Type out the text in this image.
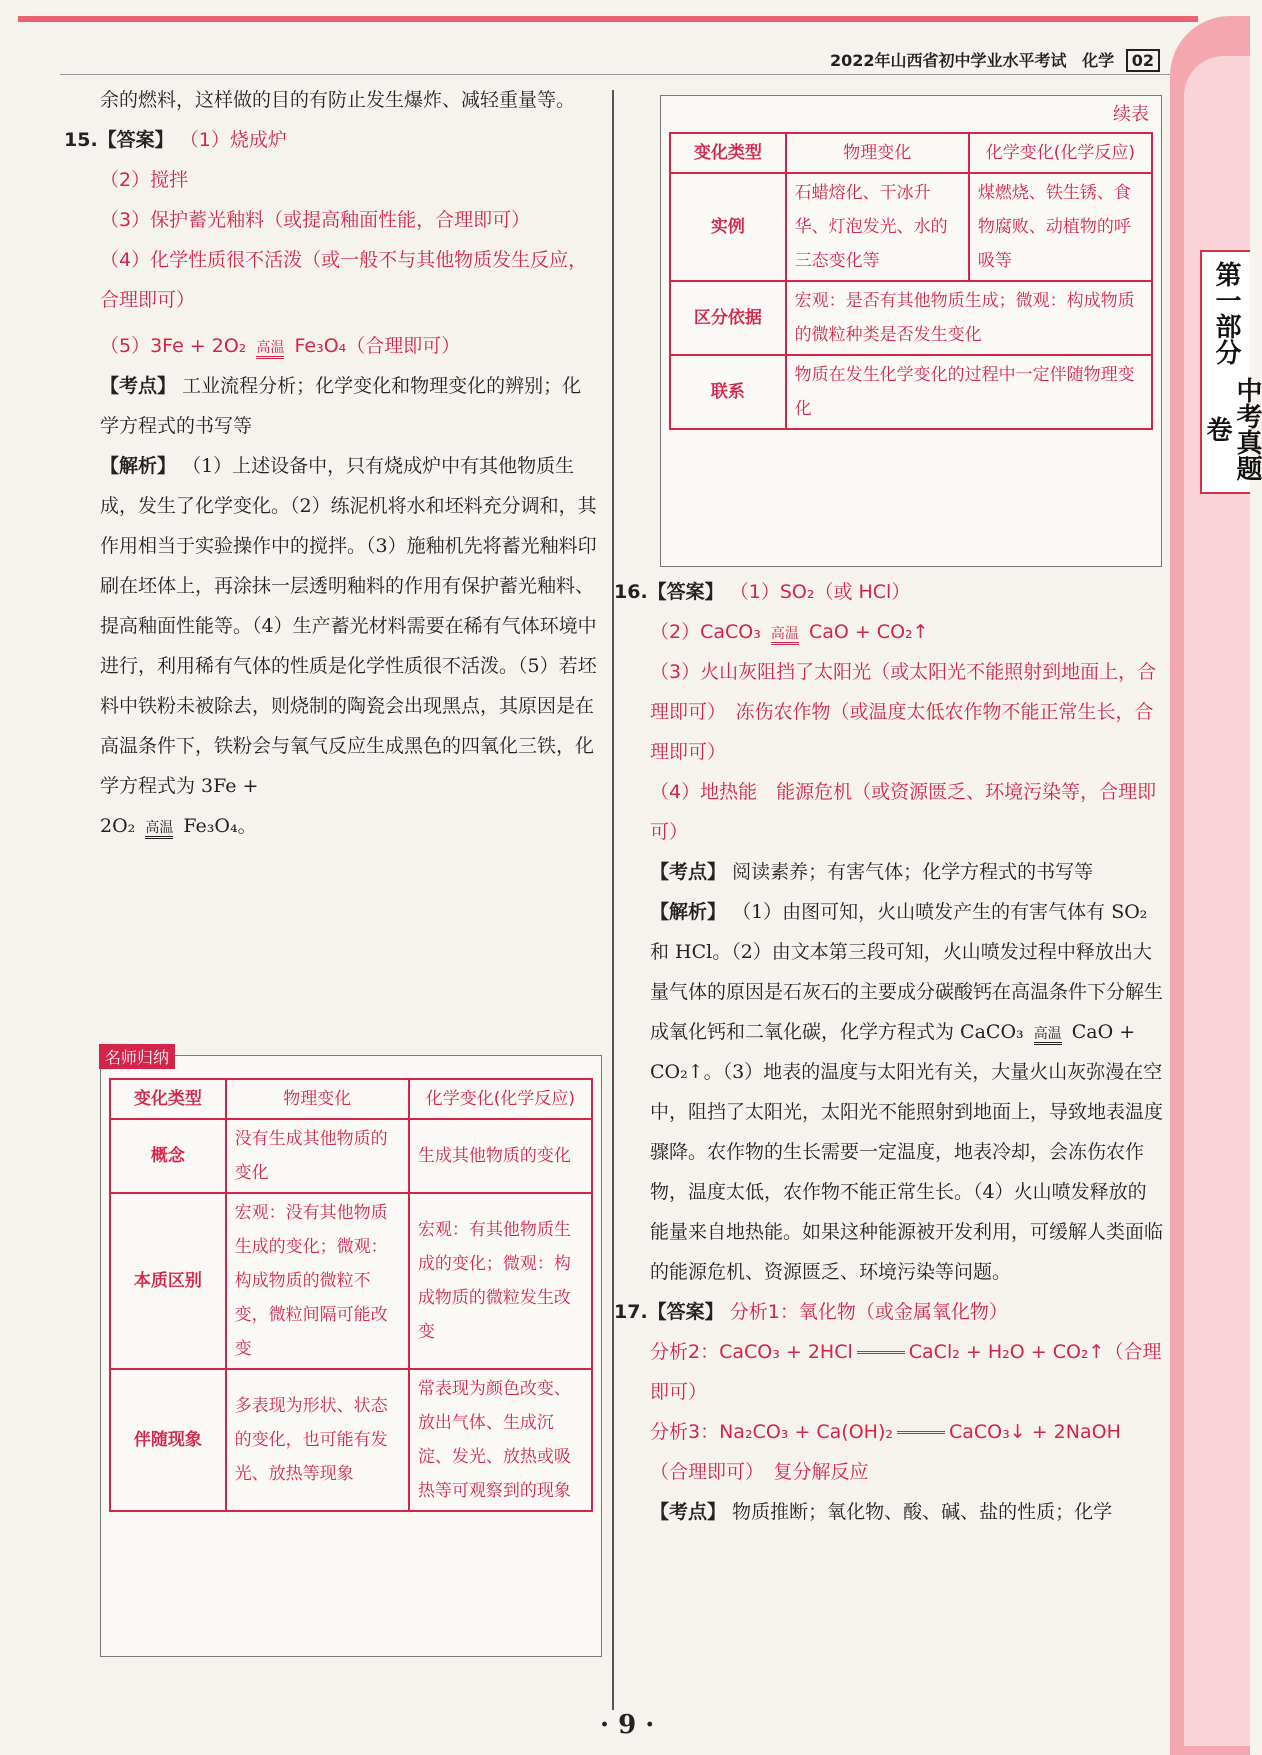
第一部分
中考真题卷
2022年山西省初中学业水平考试 化学 02

余的燃料，这样做的目的有防止发生爆炸、减轻重量等。

15.【答案】 （1）烧成炉

（2）搅拌

（3）保护蓄光釉料（或提高釉面性能，合理即可）

（4）化学性质很不活泼（或一般不与其他物质发生反应，合理即可）

（5）3Fe + 2O₂ 高温 Fe₃O₄（合理即可）

【考点】 工业流程分析；化学变化和物理变化的辨别；化学方程式的书写等

【解析】 （1）上述设备中，只有烧成炉中有其他物质生成，发生了化学变化。（2）练泥机将水和坯料充分调和，其作用相当于实验操作中的搅拌。（3）施釉机先将蓄光釉料印刷在坯体上，再涂抹一层透明釉料的作用有保护蓄光釉料、提高釉面性能等。（4）生产蓄光材料需要在稀有气体环境中进行，利用稀有气体的性质是化学性质很不活泼。（5）若坯料中铁粉未被除去，则烧制的陶瓷会出现黑点，其原因是在高温条件下，铁粉会与氧气反应生成黑色的四氧化三铁，化学方程式为 3Fe +

2O₂ 高温 Fe₃O₄。

名师归纳
变化类型	物理变化	化学变化(化学反应)
概念	没有生成其他物质的变化	生成其他物质的变化
本质区别	宏观：没有其他物质生成的变化；微观：构成物质的微粒不变，微粒间隔可能改变	宏观：有其他物质生成的变化；微观：构成物质的微粒发生改变
伴随现象	多表现为形状、状态的变化，也可能有发光、放热等现象	常表现为颜色改变、放出气体、生成沉淀、发光、放热或吸热等可观察到的现象
续表
变化类型	物理变化	化学变化(化学反应)
实例	石蜡熔化、干冰升华、灯泡发光、水的三态变化等	煤燃烧、铁生锈、食物腐败、动植物的呼吸等
区分依据	宏观：是否有其他物质生成；微观：构成物质的微粒种类是否发生变化	
联系	物质在发生化学变化的过程中一定伴随物理变化	

16.【答案】 （1）SO₂（或 HCl）

（2）CaCO₃ 高温 CaO + CO₂↑

（3）火山灰阻挡了太阳光（或太阳光不能照射到地面上，合理即可）　冻伤农作物（或温度太低农作物不能正常生长，合理即可）

（4）地热能　能源危机（或资源匮乏、环境污染等，合理即可）

【考点】 阅读素养；有害气体；化学方程式的书写等

【解析】 （1）由图可知，火山喷发产生的有害气体有 SO₂ 和 HCl。（2）由文本第三段可知，火山喷发过程中释放出大量气体的原因是石灰石的主要成分碳酸钙在高温条件下分解生成氧化钙和二氧化碳，化学方程式为 CaCO₃ 高温 CaO + CO₂↑。（3）地表的温度与太阳光有关，大量火山灰弥漫在空中，阻挡了太阳光，太阳光不能照射到地面上，导致地表温度骤降。农作物的生长需要一定温度，地表冷却，会冻伤农作物，温度太低，农作物不能正常生长。（4）火山喷发释放的能量来自地热能。如果这种能源被开发利用，可缓解人类面临的能源危机、资源匮乏、环境污染等问题。

17.【答案】 分析1：氧化物（或金属氧化物）

分析2：CaCO₃ + 2HCl	CaCl₂ + H₂O + CO₂↑（合理即可）

分析3：Na₂CO₃ + Ca(OH)₂	CaCO₃↓ + 2NaOH

（合理即可）　复分解反应

【考点】 物质推断；氧化物、酸、碱、盐的性质；化学

· 9 ·
